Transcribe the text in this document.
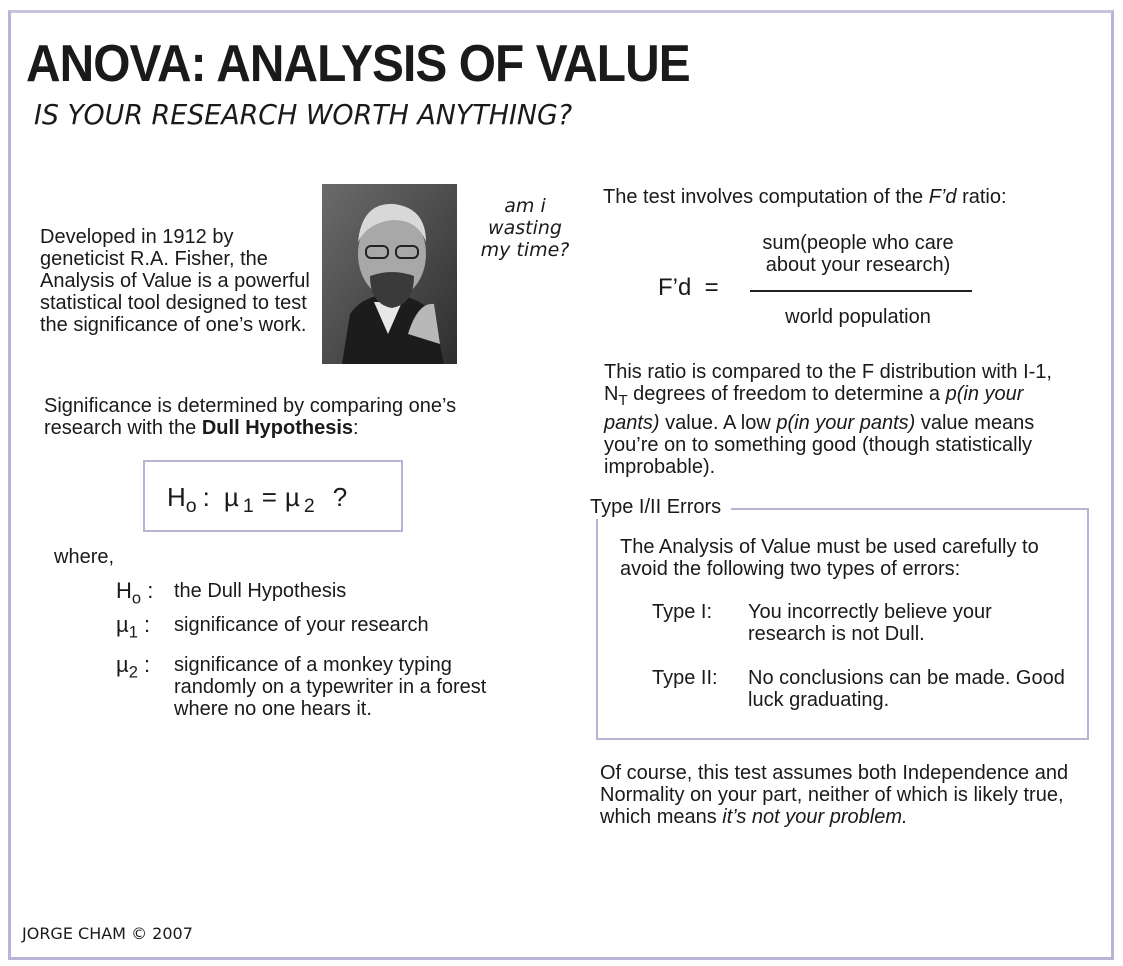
ANOVA: ANALYSIS OF VALUE
IS YOUR RESEARCH WORTH ANYTHING?
Developed in 1912 by geneticist R.A. Fisher, the Analysis of Value is a powerful statistical tool designed to test the significance of one’s work.
am i
wasting
my time?
Significance is determined by comparing one’s research with the Dull Hypothesis:
$H_o$ : µ $_1$ = µ $_2$ ?
where,
$H_o$ : the Dull Hypothesis
µ$_1$ : significance of your research
µ$_2$ : significance of a monkey typing randomly on a typewriter in a forest where no one hears it.
The test involves computation of the F’d ratio:
F’d  =
sum(people who care about your research)
world population
This ratio is compared to the F distribution with I-1, $N_T$ degrees of freedom to determine a p(in your pants) value. A low p(in your pants) value means you’re on to something good (though statistically improbable).
Type I/II Errors
The Analysis of Value must be used carefully to avoid the following two types of errors:
Type I: You incorrectly believe your research is not Dull.
Type II: No conclusions can be made. Good luck graduating.
Of course, this test assumes both Independence and Normality on your part, neither of which is likely true, which means it’s not your problem.
JORGE CHAM © 2007
